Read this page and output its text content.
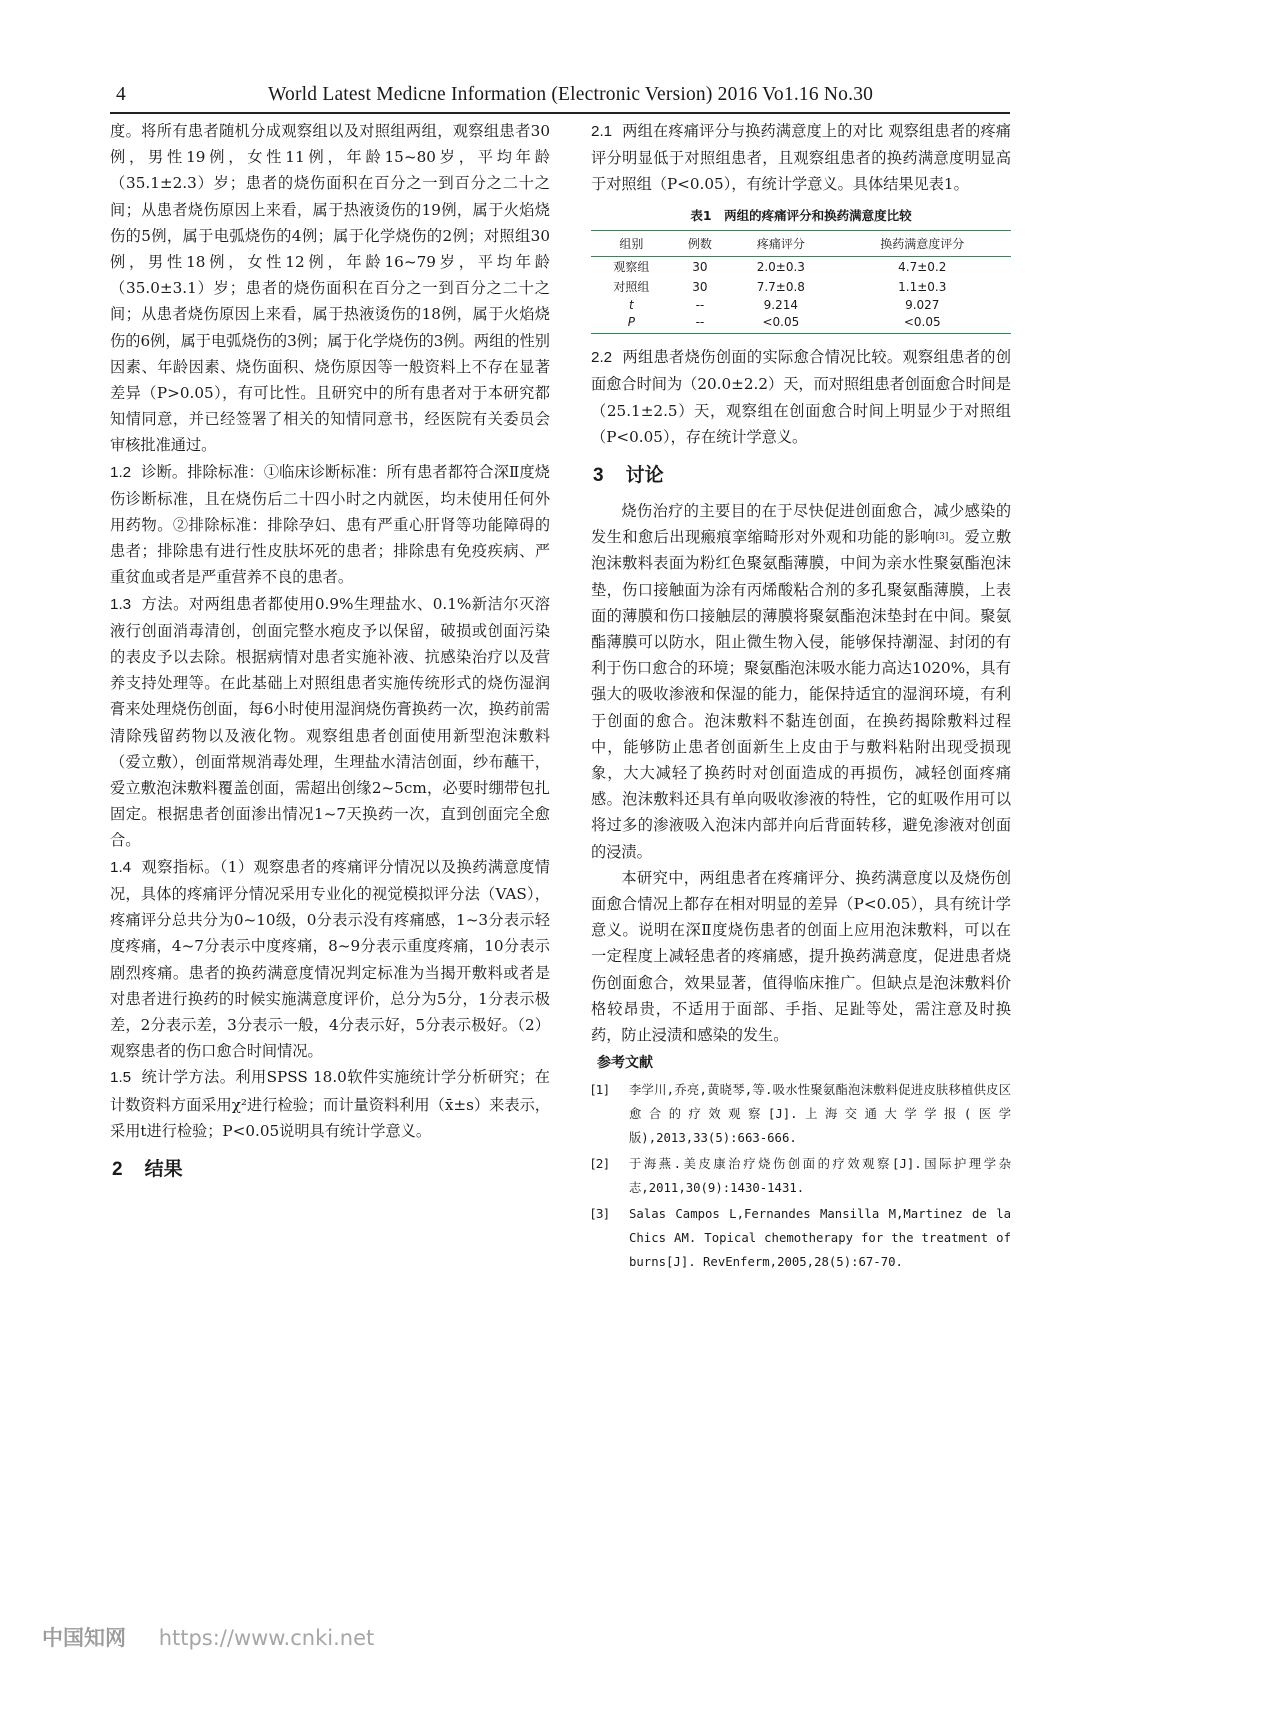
4	World Latest Medicne Information (Electronic Version) 2016 Vo1.16 No.30

度。将所有患者随机分成观察组以及对照组两组，观察组患者30例，男性19例，女性11例，年龄15~80岁，平均年龄（35.1±2.3）岁；患者的烧伤面积在百分之一到百分之二十之间；从患者烧伤原因上来看，属于热液烫伤的19例，属于火焰烧伤的5例，属于电弧烧伤的4例；属于化学烧伤的2例；对照组30例，男性18例，女性12例，年龄16~79岁，平均年龄（35.0±3.1）岁；患者的烧伤面积在百分之一到百分之二十之间；从患者烧伤原因上来看，属于热液烫伤的18例，属于火焰烧伤的6例，属于电弧烧伤的3例；属于化学烧伤的3例。两组的性别因素、年龄因素、烧伤面积、烧伤原因等一般资料上不存在显著差异（P>0.05），有可比性。且研究中的所有患者对于本研究都知情同意，并已经签署了相关的知情同意书，经医院有关委员会审核批准通过。

1.2 诊断。排除标准：①临床诊断标准：所有患者都符合深Ⅱ度烧伤诊断标准，且在烧伤后二十四小时之内就医，均未使用任何外用药物。②排除标准：排除孕妇、患有严重心肝肾等功能障碍的患者；排除患有进行性皮肤坏死的患者；排除患有免疫疾病、严重贫血或者是严重营养不良的患者。

1.3 方法。对两组患者都使用0.9%生理盐水、0.1%新洁尔灭溶液行创面消毒清创，创面完整水疱皮予以保留，破损或创面污染的表皮予以去除。根据病情对患者实施补液、抗感染治疗以及营养支持处理等。在此基础上对照组患者实施传统形式的烧伤湿润膏来处理烧伤创面，每6小时使用湿润烧伤膏换药一次，换药前需清除残留药物以及液化物。观察组患者创面使用新型泡沫敷料（爱立敷），创面常规消毒处理，生理盐水清洁创面，纱布蘸干，爱立敷泡沫敷料覆盖创面，需超出创缘2~5cm，必要时绷带包扎固定。根据患者创面渗出情况1~7天换药一次，直到创面完全愈合。

1.4 观察指标。（1）观察患者的疼痛评分情况以及换药满意度情况，具体的疼痛评分情况采用专业化的视觉模拟评分法（VAS），疼痛评分总共分为0~10级，0分表示没有疼痛感，1~3分表示轻度疼痛，4~7分表示中度疼痛，8~9分表示重度疼痛，10分表示剧烈疼痛。患者的换药满意度情况判定标准为当揭开敷料或者是对患者进行换药的时候实施满意度评价，总分为5分，1分表示极差，2分表示差，3分表示一般，4分表示好，5分表示极好。（2）观察患者的伤口愈合时间情况。

1.5 统计学方法。利用SPSS 18.0软件实施统计学分析研究；在计数资料方面采用χ²进行检验；而计量资料利用（x̄±s）来表示，采用t进行检验；P<0.05说明具有统计学意义。

2 结果

2.1 两组在疼痛评分与换药满意度上的对比 观察组患者的疼痛评分明显低于对照组患者，且观察组患者的换药满意度明显高于对照组（P<0.05），有统计学意义。具体结果见表1。

表1　两组的疼痛评分和换药满意度比较
组别	例数	疼痛评分	换药满意度评分
观察组	30	2.0±0.3	4.7±0.2
对照组	30	7.7±0.8	1.1±0.3
t	--	9.214	9.027
P	--	<0.05	<0.05

2.2 两组患者烧伤创面的实际愈合情况比较。观察组患者的创面愈合时间为（20.0±2.2）天，而对照组患者创面愈合时间是（25.1±2.5）天，观察组在创面愈合时间上明显少于对照组（P<0.05），存在统计学意义。

3 讨论

烧伤治疗的主要目的在于尽快促进创面愈合，减少感染的发生和愈后出现瘢痕挛缩畸形对外观和功能的影响[3]。爱立敷泡沫敷料表面为粉红色聚氨酯薄膜，中间为亲水性聚氨酯泡沫垫，伤口接触面为涂有丙烯酸粘合剂的多孔聚氨酯薄膜，上表面的薄膜和伤口接触层的薄膜将聚氨酯泡沫垫封在中间。聚氨酯薄膜可以防水，阻止微生物入侵，能够保持潮湿、封闭的有利于伤口愈合的环境；聚氨酯泡沫吸水能力高达1020%，具有强大的吸收渗液和保湿的能力，能保持适宜的湿润环境，有利于创面的愈合。泡沫敷料不黏连创面，在换药揭除敷料过程中，能够防止患者创面新生上皮由于与敷料粘附出现受损现象，大大减轻了换药时对创面造成的再损伤，减轻创面疼痛感。泡沫敷料还具有单向吸收渗液的特性，它的虹吸作用可以将过多的渗液吸入泡沫内部并向后背面转移，避免渗液对创面的浸渍。

本研究中，两组患者在疼痛评分、换药满意度以及烧伤创面愈合情况上都存在相对明显的差异（P<0.05），具有统计学意义。说明在深Ⅱ度烧伤患者的创面上应用泡沫敷料，可以在一定程度上减轻患者的疼痛感，提升换药满意度，促进患者烧伤创面愈合，效果显著，值得临床推广。但缺点是泡沫敷料价格较昂贵，不适用于面部、手指、足趾等处，需注意及时换药，防止浸渍和感染的发生。

参考文献
[1]	李学川,乔亮,黄晓琴,等.吸水性聚氨酯泡沫敷料促进皮肤移植供皮区愈合的疗效观察[J].上海交通大学学报(医学版),2013,33(5):663-666.
[2]	于海燕.美皮康治疗烧伤创面的疗效观察[J].国际护理学杂志,2011,30(9):1430-1431.
[3]	Salas Campos L,Fernandes Mansilla M,Martinez de la Chics AM. Topical chemotherapy for the treatment of burns[J]. RevEnferm,2005,28(5):67-70.
中国知网 https://www.cnki.net
